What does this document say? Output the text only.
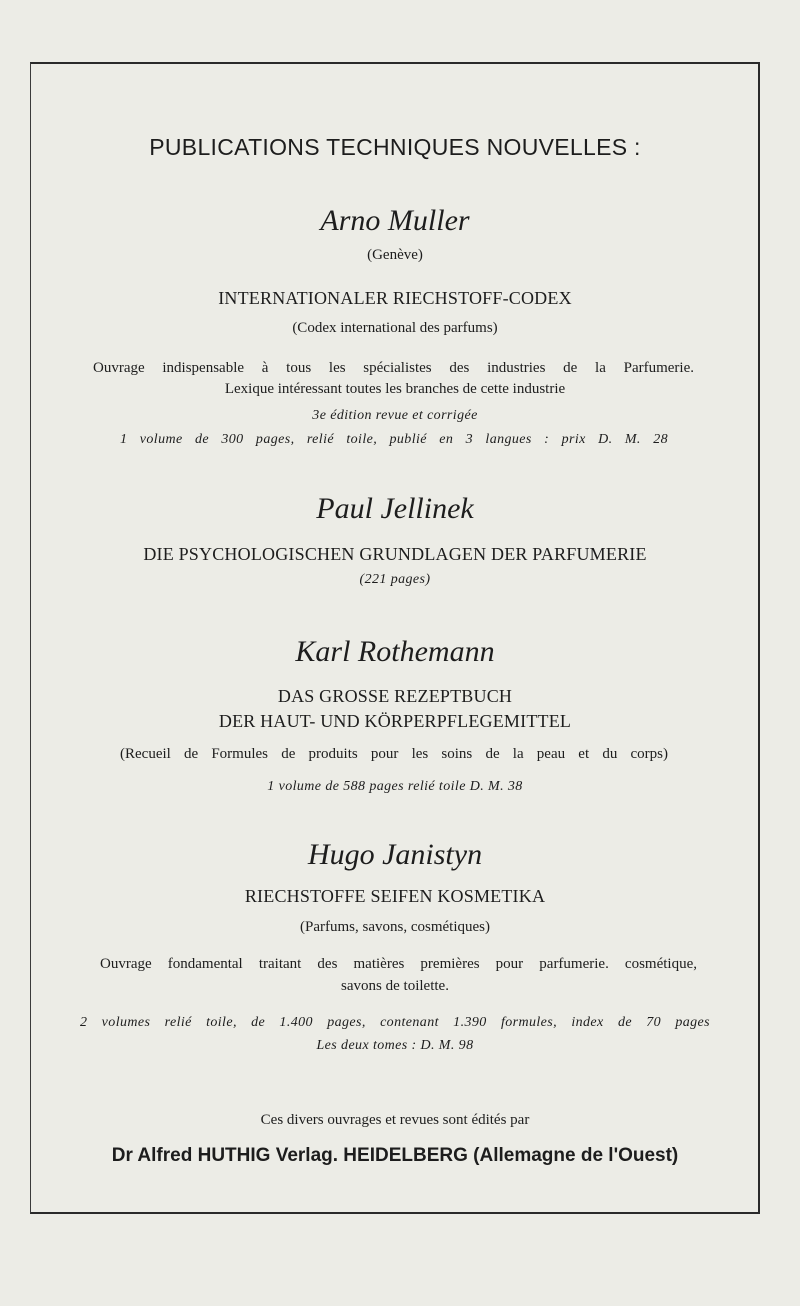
PUBLICATIONS TECHNIQUES NOUVELLES :
Arno Muller
(Genève)
INTERNATIONALER RIECHSTOFF-CODEX
(Codex international des parfums)
Ouvrage indispensable à tous les spécialistes des industries de la Parfumerie.
Lexique intéressant toutes les branches de cette industrie
3e édition revue et corrigée
1 volume de 300 pages, relié toile, publié en 3 langues : prix D. M. 28
Paul Jellinek
DIE PSYCHOLOGISCHEN GRUNDLAGEN DER PARFUMERIE
(221 pages)
Karl Rothemann
DAS GROSSE REZEPTBUCH
DER HAUT- UND KÖRPERPFLEGEMITTEL
(Recueil de Formules de produits pour les soins de la peau et du corps)
1 volume de 588 pages relié toile D. M. 38
Hugo Janistyn
RIECHSTOFFE SEIFEN KOSMETIKA
(Parfums, savons, cosmétiques)
Ouvrage fondamental traitant des matières premières pour parfumerie. cosmétique,
savons de toilette.
2 volumes relié toile, de 1.400 pages, contenant 1.390 formules, index de 70 pages
Les deux tomes : D. M. 98
Ces divers ouvrages et revues sont édités par
Dr Alfred HUTHIG Verlag. HEIDELBERG (Allemagne de l'Ouest)
